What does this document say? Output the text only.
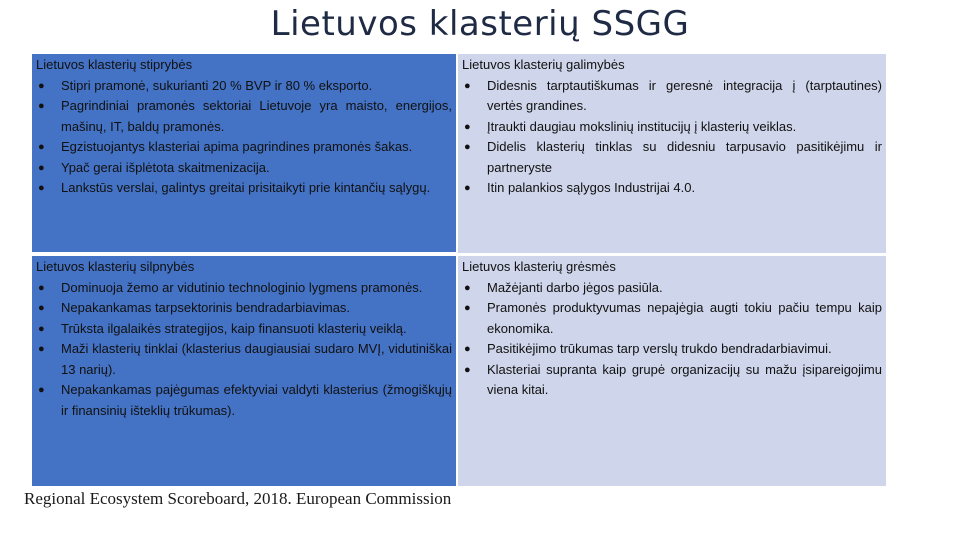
Lietuvos klasterių SSGG
Lietuvos klasterių stiprybės
● Stipri pramonė, sukurianti 20 % BVP ir 80 % eksporto.
● Pagrindiniai pramonės sektoriai Lietuvoje yra maisto, energijos, mašinų, IT, baldų pramonės.
● Egzistuojantys klasteriai apima pagrindines pramonės šakas.
● Ypač gerai išplėtota skaitmenizacija.
● Lankstūs verslai, galintys greitai prisitaikyti prie kintančių sąlygų.
Lietuvos klasterių galimybės
● Didesnis tarptautiškumas ir geresnė integracija į (tarptautines) vertės grandines.
● Įtraukti daugiau mokslinių institucijų į klasterių veiklas.
● Didelis klasterių tinklas su didesniu tarpusavio pasitikėjimu ir partneryste
● Itin palankios sąlygos Industrijai 4.0.
Lietuvos klasterių silpnybės
● Dominuoja žemo ar vidutinio technologinio lygmens pramonės.
● Nepakankamas tarpsektorinis bendradarbiavimas.
● Trūksta ilgalaikės strategijos, kaip finansuoti klasterių veiklą.
● Maži klasterių tinklai (klasterius daugiausiai sudaro MVĮ, vidutiniškai 13 narių).
● Nepakankamas pajėgumas efektyviai valdyti klasterius (žmogiškųjų ir finansinių išteklių trūkumas).
Lietuvos klasterių grėsmės
● Mažėjanti darbo jėgos pasiūla.
● Pramonės produktyvumas nepajėgia augti tokiu pačiu tempu kaip ekonomika.
● Pasitikėjimo trūkumas tarp verslų trukdo bendradarbiavimui.
● Klasteriai supranta kaip grupė organizacijų su mažu įsipareigojimu viena kitai.
Regional Ecosystem Scoreboard, 2018. European Commission
